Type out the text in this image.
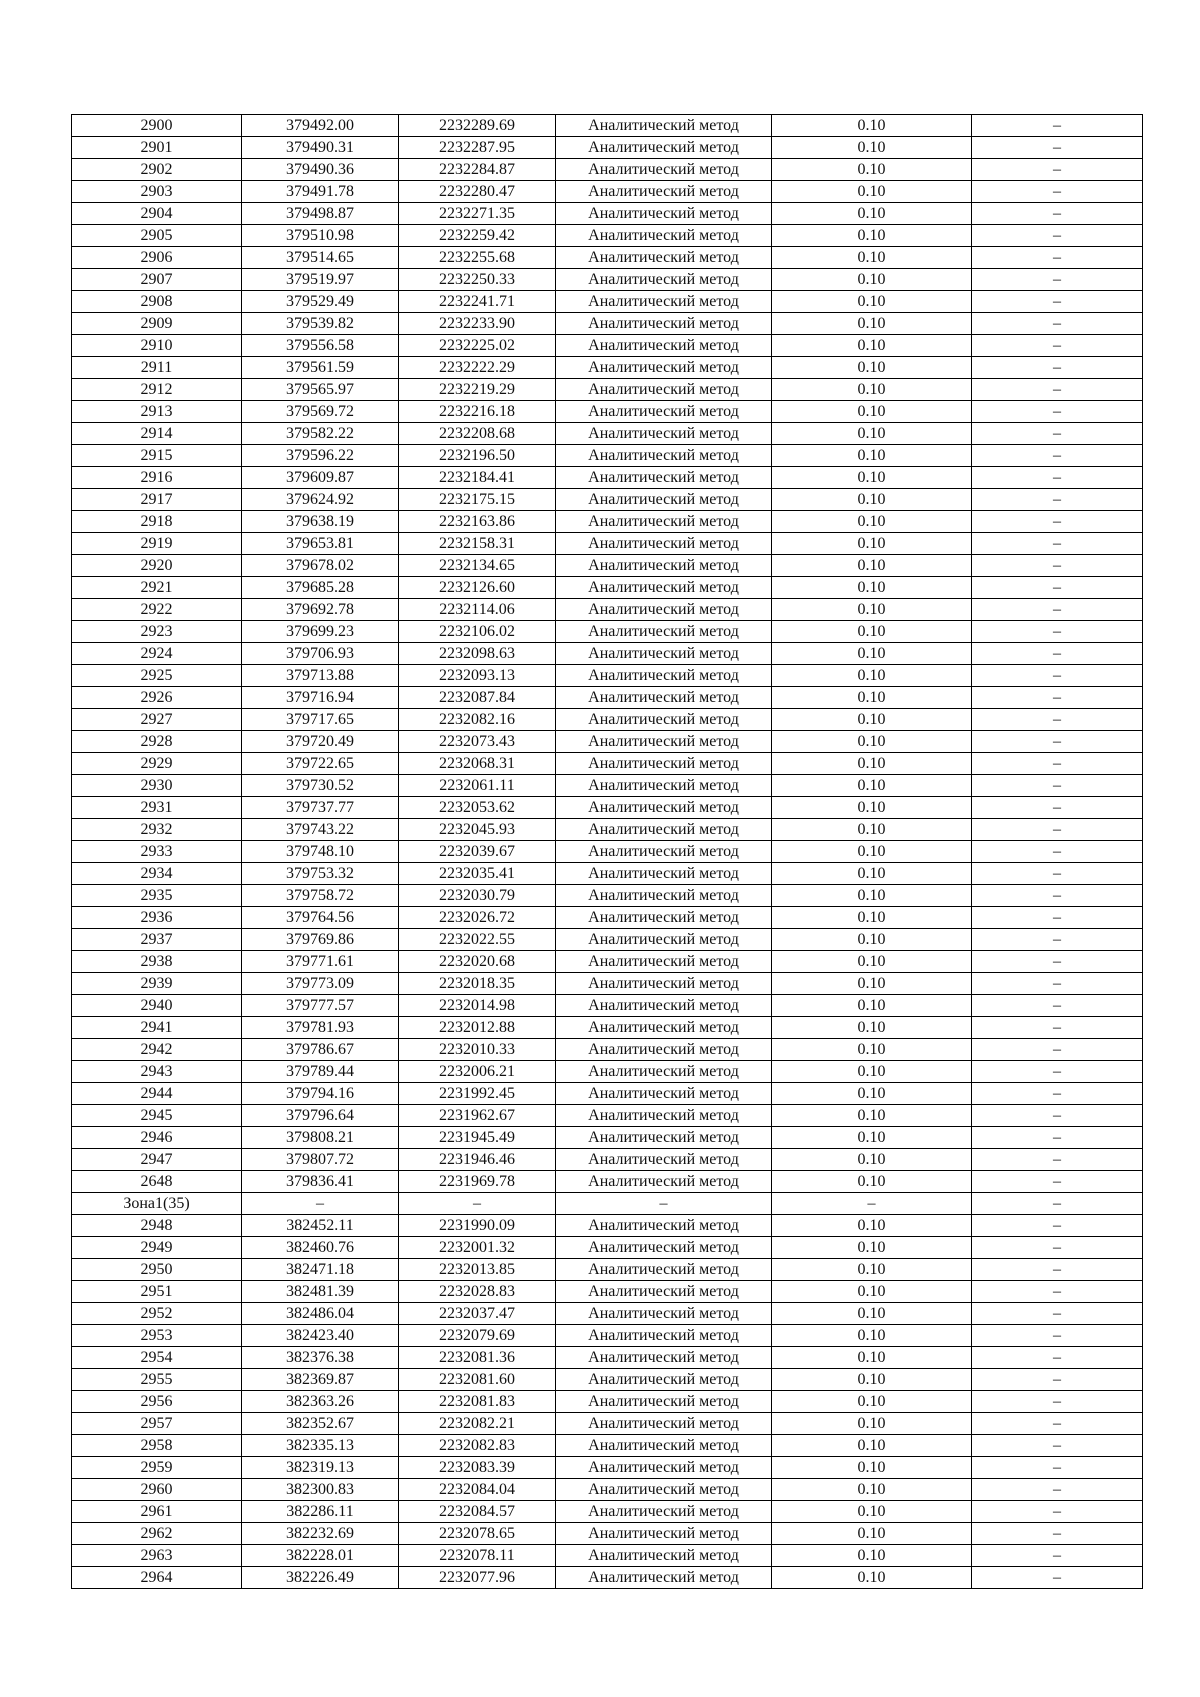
2900	379492.00	2232289.69	Аналитический метод	0.10	–
2901	379490.31	2232287.95	Аналитический метод	0.10	–
2902	379490.36	2232284.87	Аналитический метод	0.10	–
2903	379491.78	2232280.47	Аналитический метод	0.10	–
2904	379498.87	2232271.35	Аналитический метод	0.10	–
2905	379510.98	2232259.42	Аналитический метод	0.10	–
2906	379514.65	2232255.68	Аналитический метод	0.10	–
2907	379519.97	2232250.33	Аналитический метод	0.10	–
2908	379529.49	2232241.71	Аналитический метод	0.10	–
2909	379539.82	2232233.90	Аналитический метод	0.10	–
2910	379556.58	2232225.02	Аналитический метод	0.10	–
2911	379561.59	2232222.29	Аналитический метод	0.10	–
2912	379565.97	2232219.29	Аналитический метод	0.10	–
2913	379569.72	2232216.18	Аналитический метод	0.10	–
2914	379582.22	2232208.68	Аналитический метод	0.10	–
2915	379596.22	2232196.50	Аналитический метод	0.10	–
2916	379609.87	2232184.41	Аналитический метод	0.10	–
2917	379624.92	2232175.15	Аналитический метод	0.10	–
2918	379638.19	2232163.86	Аналитический метод	0.10	–
2919	379653.81	2232158.31	Аналитический метод	0.10	–
2920	379678.02	2232134.65	Аналитический метод	0.10	–
2921	379685.28	2232126.60	Аналитический метод	0.10	–
2922	379692.78	2232114.06	Аналитический метод	0.10	–
2923	379699.23	2232106.02	Аналитический метод	0.10	–
2924	379706.93	2232098.63	Аналитический метод	0.10	–
2925	379713.88	2232093.13	Аналитический метод	0.10	–
2926	379716.94	2232087.84	Аналитический метод	0.10	–
2927	379717.65	2232082.16	Аналитический метод	0.10	–
2928	379720.49	2232073.43	Аналитический метод	0.10	–
2929	379722.65	2232068.31	Аналитический метод	0.10	–
2930	379730.52	2232061.11	Аналитический метод	0.10	–
2931	379737.77	2232053.62	Аналитический метод	0.10	–
2932	379743.22	2232045.93	Аналитический метод	0.10	–
2933	379748.10	2232039.67	Аналитический метод	0.10	–
2934	379753.32	2232035.41	Аналитический метод	0.10	–
2935	379758.72	2232030.79	Аналитический метод	0.10	–
2936	379764.56	2232026.72	Аналитический метод	0.10	–
2937	379769.86	2232022.55	Аналитический метод	0.10	–
2938	379771.61	2232020.68	Аналитический метод	0.10	–
2939	379773.09	2232018.35	Аналитический метод	0.10	–
2940	379777.57	2232014.98	Аналитический метод	0.10	–
2941	379781.93	2232012.88	Аналитический метод	0.10	–
2942	379786.67	2232010.33	Аналитический метод	0.10	–
2943	379789.44	2232006.21	Аналитический метод	0.10	–
2944	379794.16	2231992.45	Аналитический метод	0.10	–
2945	379796.64	2231962.67	Аналитический метод	0.10	–
2946	379808.21	2231945.49	Аналитический метод	0.10	–
2947	379807.72	2231946.46	Аналитический метод	0.10	–
2648	379836.41	2231969.78	Аналитический метод	0.10	–
Зона1(35)	–	–	–	–	–
2948	382452.11	2231990.09	Аналитический метод	0.10	–
2949	382460.76	2232001.32	Аналитический метод	0.10	–
2950	382471.18	2232013.85	Аналитический метод	0.10	–
2951	382481.39	2232028.83	Аналитический метод	0.10	–
2952	382486.04	2232037.47	Аналитический метод	0.10	–
2953	382423.40	2232079.69	Аналитический метод	0.10	–
2954	382376.38	2232081.36	Аналитический метод	0.10	–
2955	382369.87	2232081.60	Аналитический метод	0.10	–
2956	382363.26	2232081.83	Аналитический метод	0.10	–
2957	382352.67	2232082.21	Аналитический метод	0.10	–
2958	382335.13	2232082.83	Аналитический метод	0.10	–
2959	382319.13	2232083.39	Аналитический метод	0.10	–
2960	382300.83	2232084.04	Аналитический метод	0.10	–
2961	382286.11	2232084.57	Аналитический метод	0.10	–
2962	382232.69	2232078.65	Аналитический метод	0.10	–
2963	382228.01	2232078.11	Аналитический метод	0.10	–
2964	382226.49	2232077.96	Аналитический метод	0.10	–
